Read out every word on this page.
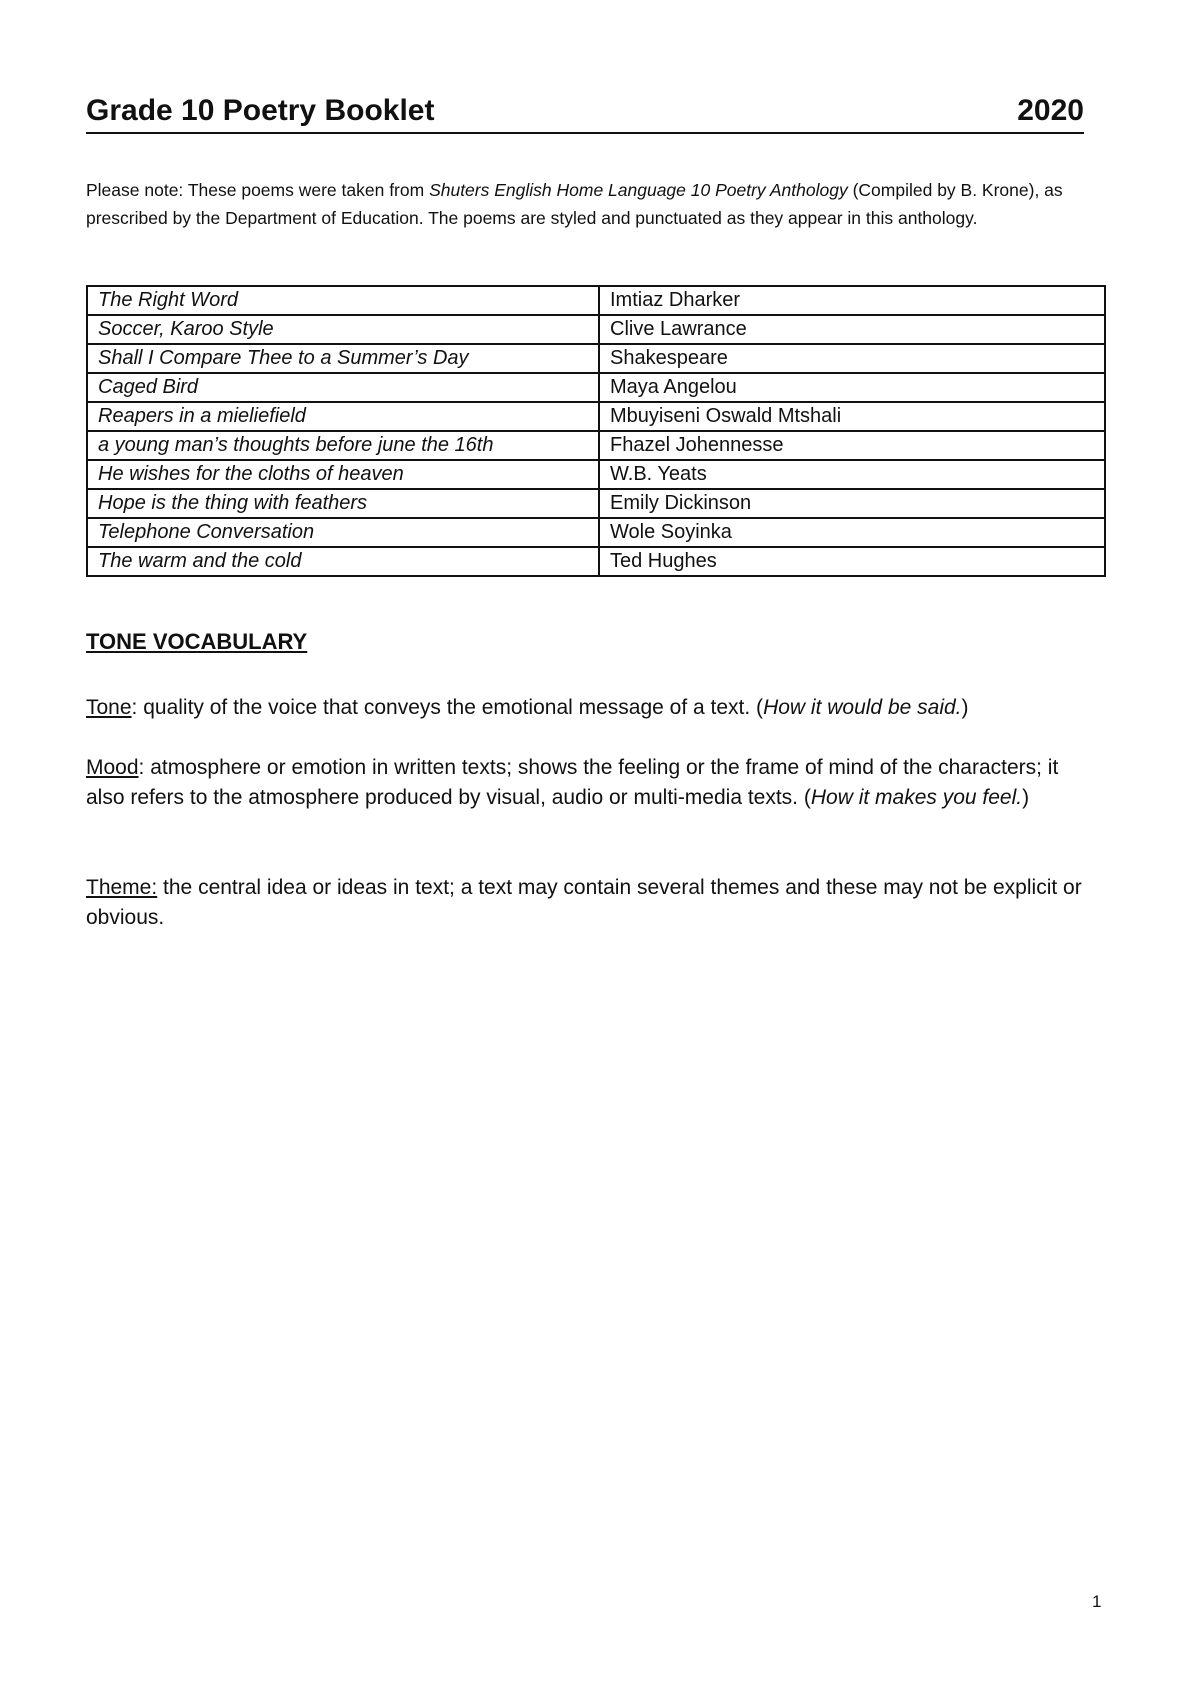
Grade 10 Poetry Booklet	2020
Please note: These poems were taken from Shuters English Home Language 10 Poetry Anthology (Compiled by B. Krone), as prescribed by the Department of Education. The poems are styled and punctuated as they appear in this anthology.
The Right Word	Imtiaz Dharker
Soccer, Karoo Style	Clive Lawrance
Shall I Compare Thee to a Summer’s Day	Shakespeare
Caged Bird	Maya Angelou
Reapers in a mieliefield	Mbuyiseni Oswald Mtshali
a young man’s thoughts before june the 16th	Fhazel Johennesse
He wishes for the cloths of heaven	W.B. Yeats
Hope is the thing with feathers	Emily Dickinson
Telephone Conversation	Wole Soyinka
The warm and the cold	Ted Hughes
TONE VOCABULARY
Tone: quality of the voice that conveys the emotional message of a text. (How it would be said.)
Mood: atmosphere or emotion in written texts; shows the feeling or the frame of mind of the characters; it also refers to the atmosphere produced by visual, audio or multi-media texts. (How it makes you feel.)
Theme: the central idea or ideas in text; a text may contain several themes and these may not be explicit or obvious.
1
